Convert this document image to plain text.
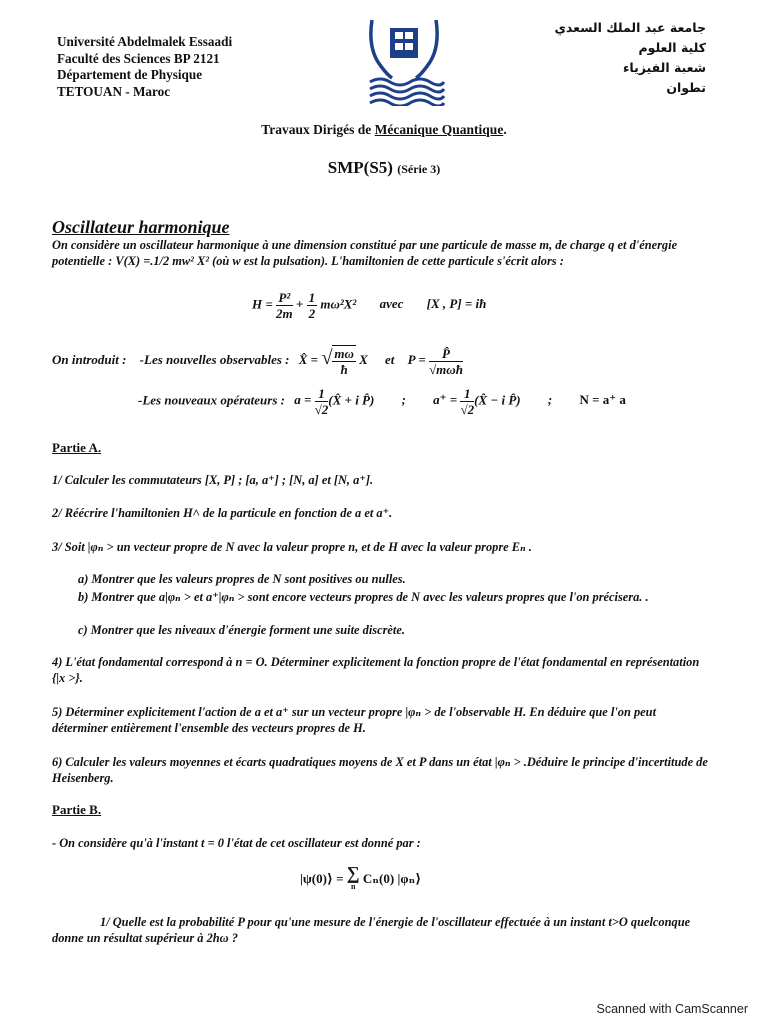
Université Abdelmalek Essaadi
Faculté des Sciences BP 2121
Département de Physique
TETOUAN - Maroc
جامعة عبد الملك السعدي
كلية العلوم
شعبة الفيزياء
تطوان
Travaux Dirigés de Mécanique Quantique.
SMP(S5) (Série 3)
Oscillateur harmonique
On considère un oscillateur harmonique à une dimension constitué par une particule de masse m, de charge q et d'énergie potentielle : V(X) =.1/2 mw² X² (où w est la pulsation). L'hamiltonien de cette particule s'écrit alors :
$H = \frac{\text{P²}}{2m} + \frac{1}{2} m\omega^2X^2$ avec [X , P] = iħ
On introduit : -Les nouvelles observables : X̂ = √ $\frac{m\omega}{ħ}$ X et $P = \frac{P̂}{\text{√mωħ}}$
-Les nouveaux opérateurs : $a = \frac{1}{√2}$ (X̂ + i P̂) ; $a^+ = \frac{1}{√2}$ (X̂ − i P̂) ; N = a⁺ a
Partie A.
1/ Calculer les commutateurs [X, P] ; [a, a⁺] ; [N, a] et [N, a⁺].
2/ Réécrire l'hamiltonien H˄ de la particule en fonction de a et a⁺.
3/ Soit |φₙ > un vecteur propre de N avec la valeur propre n, et de H avec la valeur propre Eₙ .
a) Montrer que les valeurs propres de N sont positives ou nulles.
b) Montrer que a|φₙ > et a⁺|φₙ > sont encore vecteurs propres de N avec les valeurs propres que l'on précisera. .
c) Montrer que les niveaux d'énergie forment une suite discrète.
4) L'état fondamental correspond à n = O. Déterminer explicitement la fonction propre de l'état fondamental en représentation {|x >}.
5) Déterminer explicitement l'action de a et a⁺ sur un vecteur propre |φₙ > de l'observable H. En déduire que l'on peut déterminer entièrement l'ensemble des vecteurs propres de H.
6) Calculer les valeurs moyennes et écarts quadratiques moyens de X et P dans un état |φₙ > .Déduire le principe d'incertitude de Heisenberg.
Partie B.
- On considère qu'à l'instant t = 0 l'état de cet oscillateur est donné par :
|ψ(0)⟩ = ∑
n
Cₙ(0) |φₙ⟩
1/ Quelle est la probabilité P pour qu'une mesure de l'énergie de l'oscillateur effectuée à un instant t>O quelconque donne un résultat supérieur à 2hω ?
Scanned with CamScanner
